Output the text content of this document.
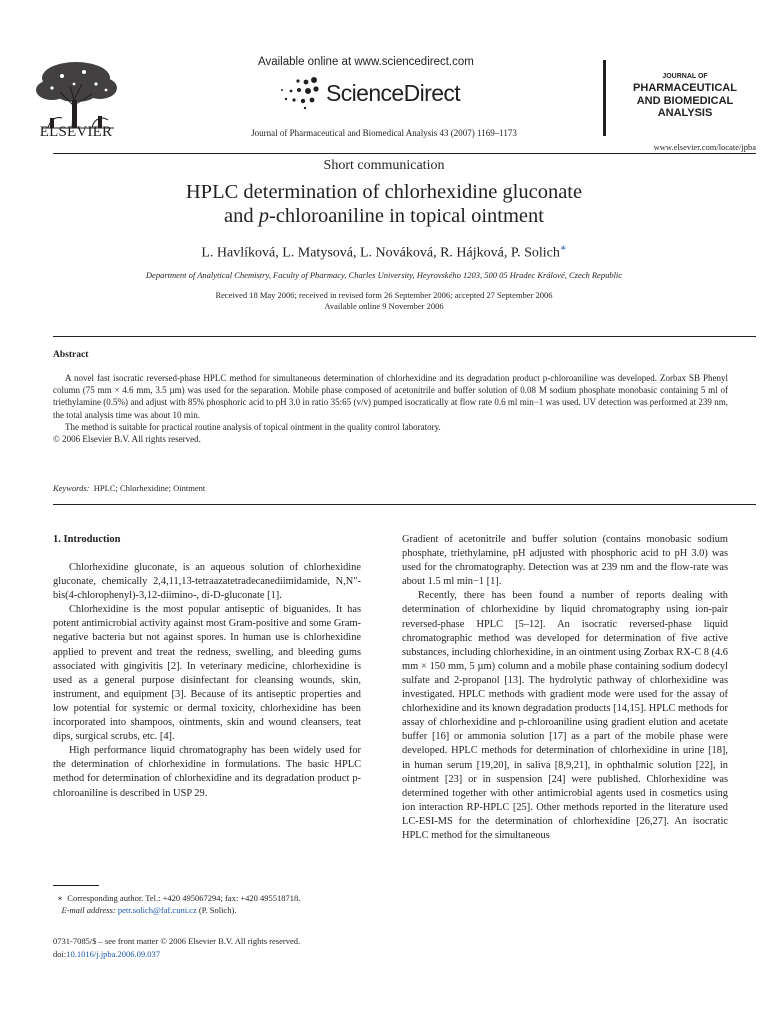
ELSEVIER
Available online at www.sciencedirect.com
ScienceDirect
Journal of Pharmaceutical and Biomedical Analysis 43 (2007) 1169–1173
JOURNAL OF
PHARMACEUTICAL
AND BIOMEDICAL
ANALYSIS
www.elsevier.com/locate/jpba
Short communication
HPLC determination of chlorhexidine gluconate
and p-chloroaniline in topical ointment
L. Havlíková, L. Matysová, L. Nováková, R. Hájková, P. Solich∗
Department of Analytical Chemistry, Faculty of Pharmacy, Charles University, Heyrovského 1203, 500 05 Hradec Králové, Czech Republic
Received 18 May 2006; received in revised form 26 September 2006; accepted 27 September 2006
Available online 9 November 2006
Abstract

A novel fast isocratic reversed-phase HPLC method for simultaneous determination of chlorhexidine and its degradation product p-chloroaniline was developed. Zorbax SB Phenyl column (75 mm × 4.6 mm, 3.5 µm) was used for the separation. Mobile phase composed of acetonitrile and buffer solution of 0.08 M sodium phosphate monobasic containing 5 ml of triethylamine (0.5%) and adjust with 85% phosphoric acid to pH 3.0 in ratio 35:65 (v/v) pumped isocratically at flow rate 0.6 ml min−1 was used. UV detection was performed at 239 nm, the total analysis time was about 10 min.

The method is suitable for practical routine analysis of topical ointment in the quality control laboratory.

© 2006 Elsevier B.V. All rights reserved.

Keywords: HPLC; Chlorhexidine; Ointment
1. Introduction

Chlorhexidine gluconate, is an aqueous solution of chlorhexidine gluconate, chemically 2,4,11,13-tetraazatetradecanediimidamide, N,N″-bis(4-chlorophenyl)-3,12-diimino-, di-D-gluconate [1].

Chlorhexidine is the most popular antiseptic of biguanides. It has potent antimicrobial activity against most Gram-positive and some Gram-negative bacteria but not against spores. In human use is chlorhexidine applied to prevent and treat the redness, swelling, and bleeding gums associated with gingivitis [2]. In veterinary medicine, chlorhexidine is used as a general purpose disinfectant for cleansing wounds, skin, instrument, and equipment [3]. Because of its antiseptic properties and low potential for systemic or dermal toxicity, chlorhexidine has been incorporated into shampoos, ointments, skin and wound cleansers, teat dips, surgical scrubs, etc. [4].

High performance liquid chromatography has been widely used for the determination of chlorhexidine in formulations. The basic HPLC method for determination of chlorhexidine and its degradation product p-chloroaniline is described in USP 29.

Gradient of acetonitrile and buffer solution (contains monobasic sodium phosphate, triethylamine, pH adjusted with phosphoric acid to pH 3.0) was used for the chromatography. Detection was at 239 nm and the flow-rate was about 1.5 ml min−1 [1].

Recently, there has been found a number of reports dealing with determination of chlorhexidine by liquid chromatography using ion-pair reversed-phase HPLC [5–12]. An isocratic reversed-phase liquid chromatographic method was developed for determination of five active substances, including chlorhexidine, in an ointment using Zorbax RX-C 8 (4.6 mm × 150 mm, 5 µm) column and a mobile phase containing sodium dodecyl sulfate and 2-propanol [13]. The hydrolytic pathway of chlorhexidine was investigated. HPLC methods with gradient mode were used for the assay of chlorhexidine and its known degradation products [14,15]. HPLC methods for assay of chlorhexidine and p-chloroaniline using gradient elution and acetate buffer [16] or ammonia solution [17] as a part of the mobile phase were developed. HPLC methods for determination of chlorhexidine in urine [18], in human serum [19,20], in saliva [8,9,21], in ophthalmic solution [22], in ointment [23] or in suspension [24] were published. Chlorhexidine was determined together with other antimicrobial agents used in cosmetics using ion interaction RP-HPLC [25]. Other methods reported in the literature used LC-ESI-MS for the determination of chlorhexidine [26,27]. An isocratic HPLC method for the simultaneous

∗ Corresponding author. Tel.: +420 495067294; fax: +420 495518718.
E-mail address: petr.solich@faf.cuni.cz (P. Solich).
0731-7085/$ – see front matter © 2006 Elsevier B.V. All rights reserved.
doi:10.1016/j.jpba.2006.09.037
